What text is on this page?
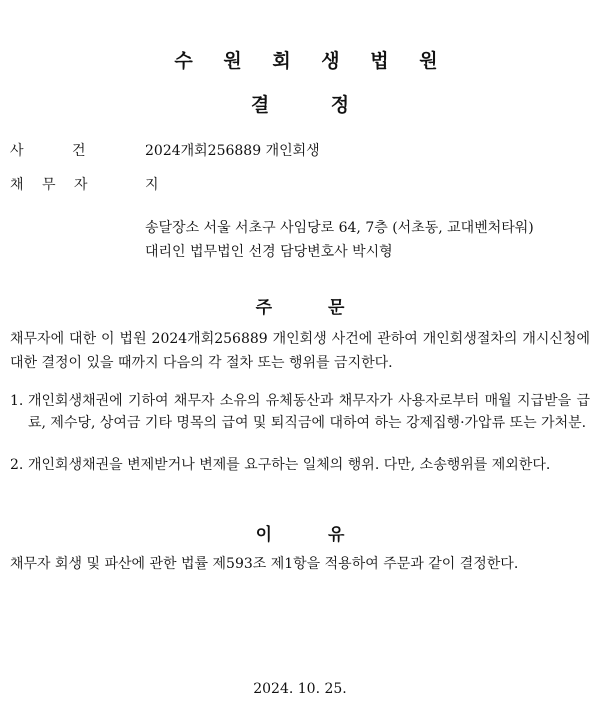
수 원 회 생 법 원
결 정
사 건	2024개회256889 개인회생
채 무 자	지
송달장소 서울 서초구 사임당로 64, 7층 (서초동, 교대벤처타워)
대리인 법무법인 선경 담당변호사 박시형
주 문
채무자에 대한 이 법원 2024개회256889 개인회생 사건에 관하여 개인회생절차의 개시신청에 대한 결정이 있을 때까지 다음의 각 절차 또는 행위를 금지한다.
1. 개인회생채권에 기하여 채무자 소유의 유체동산과 채무자가 사용자로부터 매월 지급받을 급료, 제수당, 상여금 기타 명목의 급여 및 퇴직금에 대하여 하는 강제집행·가압류 또는 가처분.
2. 개인회생채권을 변제받거나 변제를 요구하는 일체의 행위. 다만, 소송행위를 제외한다.
이 유
채무자 회생 및 파산에 관한 법률 제593조 제1항을 적용하여 주문과 같이 결정한다.
2024. 10. 25.
